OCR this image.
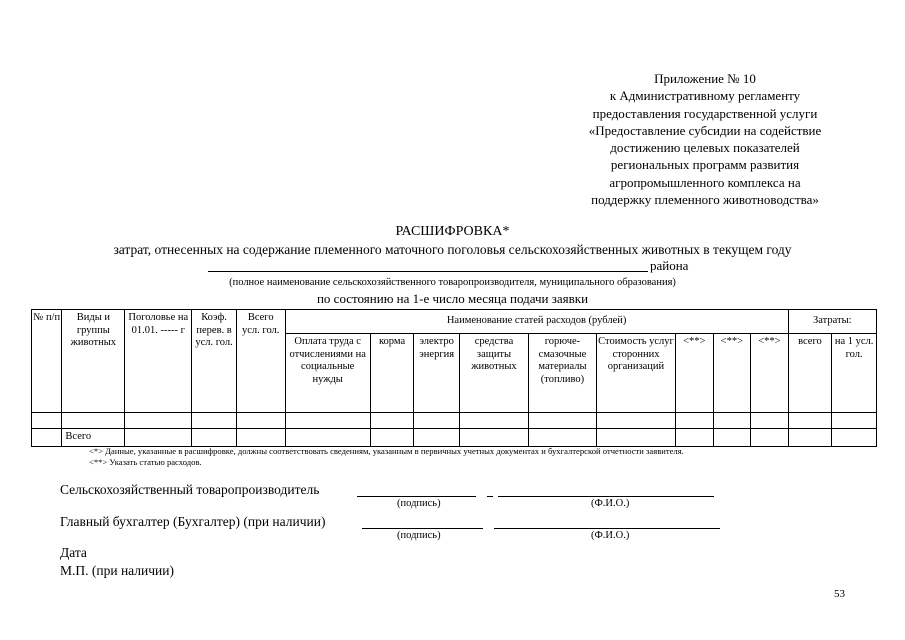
Приложение № 10
к Административному регламенту
предоставления государственной услуги
«Предоставление субсидии на содействие
достижению целевых показателей
региональных программ развития
агропромышленного комплекса на
поддержку племенного животноводства»
РАСШИФРОВКА*
затрат, отнесенных на содержание племенного маточного поголовья сельскохозяйственных животных в текущем году
района
(полное наименование сельскохозяйственного товаропроизводителя, муниципального образования)
по состоянию на 1-е число месяца подачи заявки
№ п/п	Виды и группы животных	Поголовье на 01.01. ----- г	Коэф. перев. в усл. гол.	Всего усл. гол.	Наименование статей расходов (рублей)									Затраты:	
					Оплата труда с отчислениями на социальные нужды	корма	электро энергия	средства защиты животных	горюче-смазочные материалы (топливо)	Стоимость услуг сторонних организаций	<**>	<**>	<**>	всего	на 1 усл. гол.

	Всего														
<*> Данные, указанные в расшифровке, должны соответствовать сведениям, указанным в первичных учетных документах и бухгалтерской отчетности заявителя.
<**> Указать статью расходов.
Сельскохозяйственный товаропроизводитель
(подпись)	(Ф.И.О.)
Главный бухгалтер (Бухгалтер) (при наличии)
(подпись)	(Ф.И.О.)
Дата
М.П. (при наличии)
53
